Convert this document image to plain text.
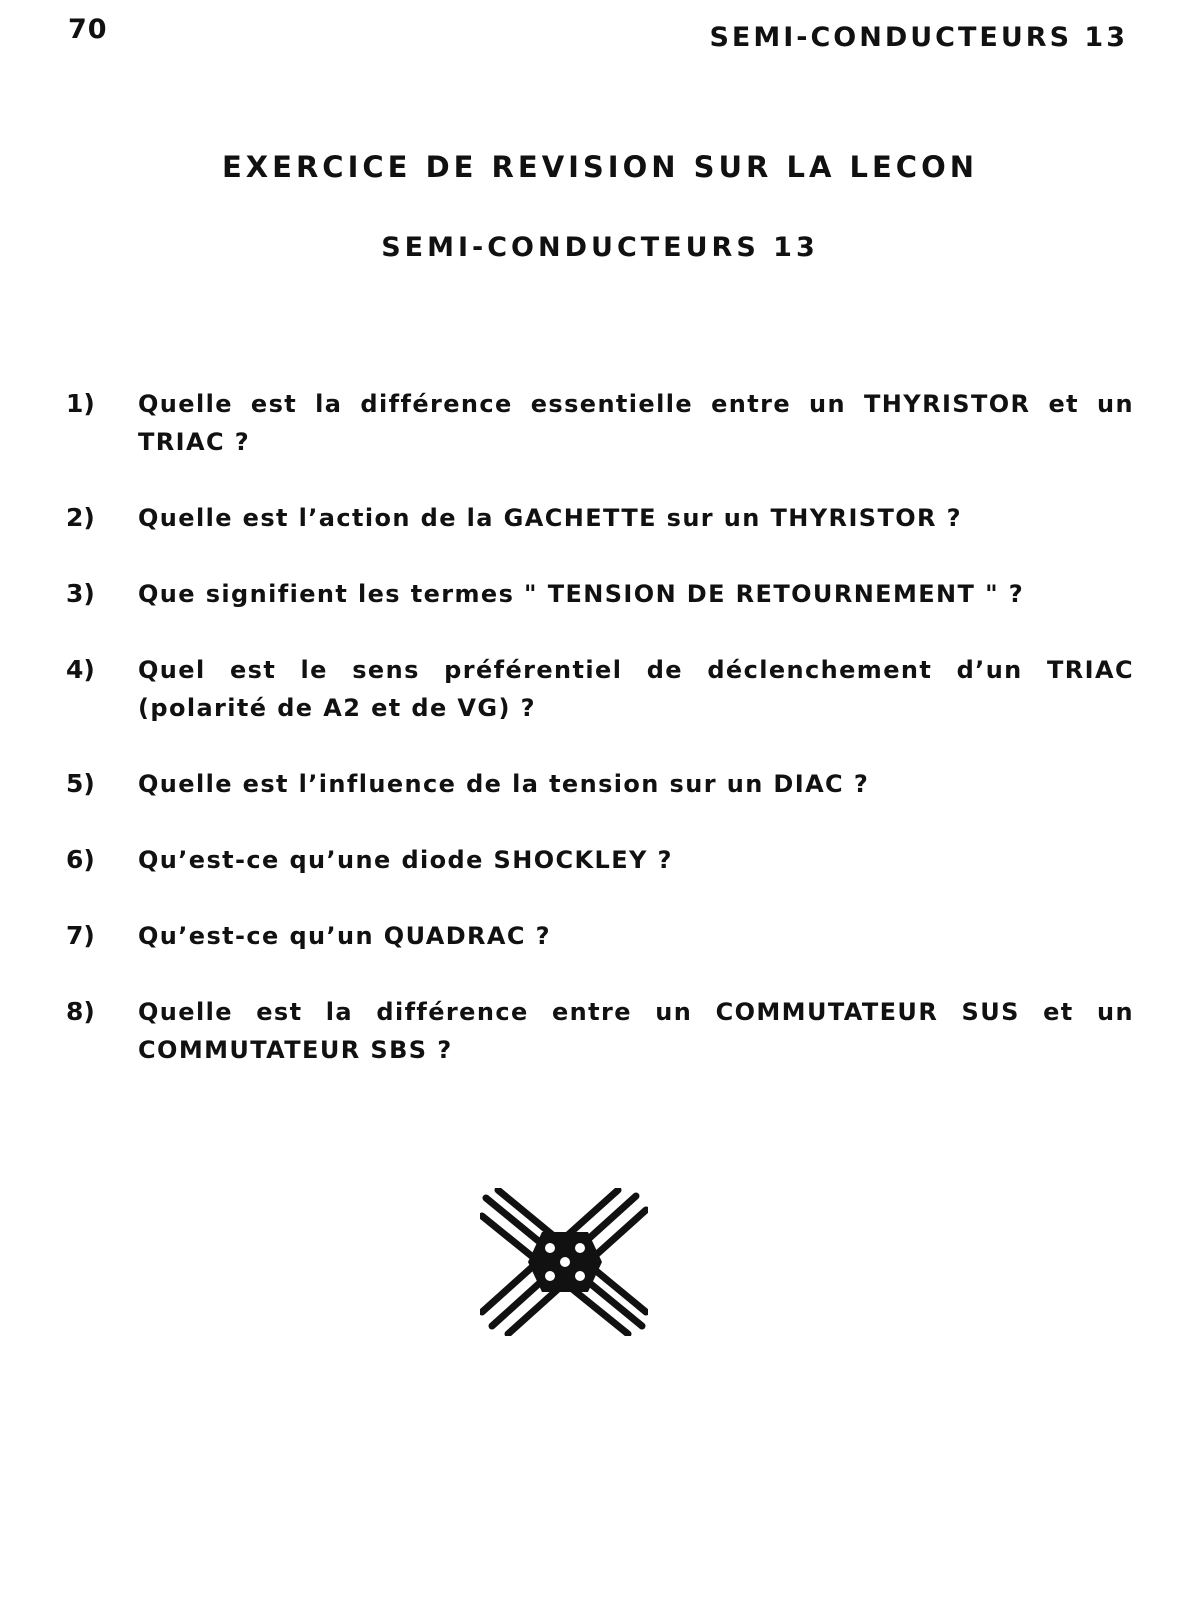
70	SEMI-CONDUCTEURS 13
EXERCICE DE REVISION SUR LA LECON
SEMI-CONDUCTEURS 13
1)	Quelle est la différence essentielle entre un THYRISTOR et un TRIAC ?
2)	Quelle est l’action de la GACHETTE sur un THYRISTOR ?
3)	Que signifient les termes " TENSION DE RETOURNEMENT " ?
4)	Quel est le sens préférentiel de déclenchement d’un TRIAC (polarité de A2 et de VG) ?
5)	Quelle est l’influence de la tension sur un DIAC ?
6)	Qu’est-ce qu’une diode SHOCKLEY ?
7)	Qu’est-ce qu’un QUADRAC ?
8)	Quelle est la différence entre un COMMUTATEUR SUS et un COMMUTATEUR SBS ?
